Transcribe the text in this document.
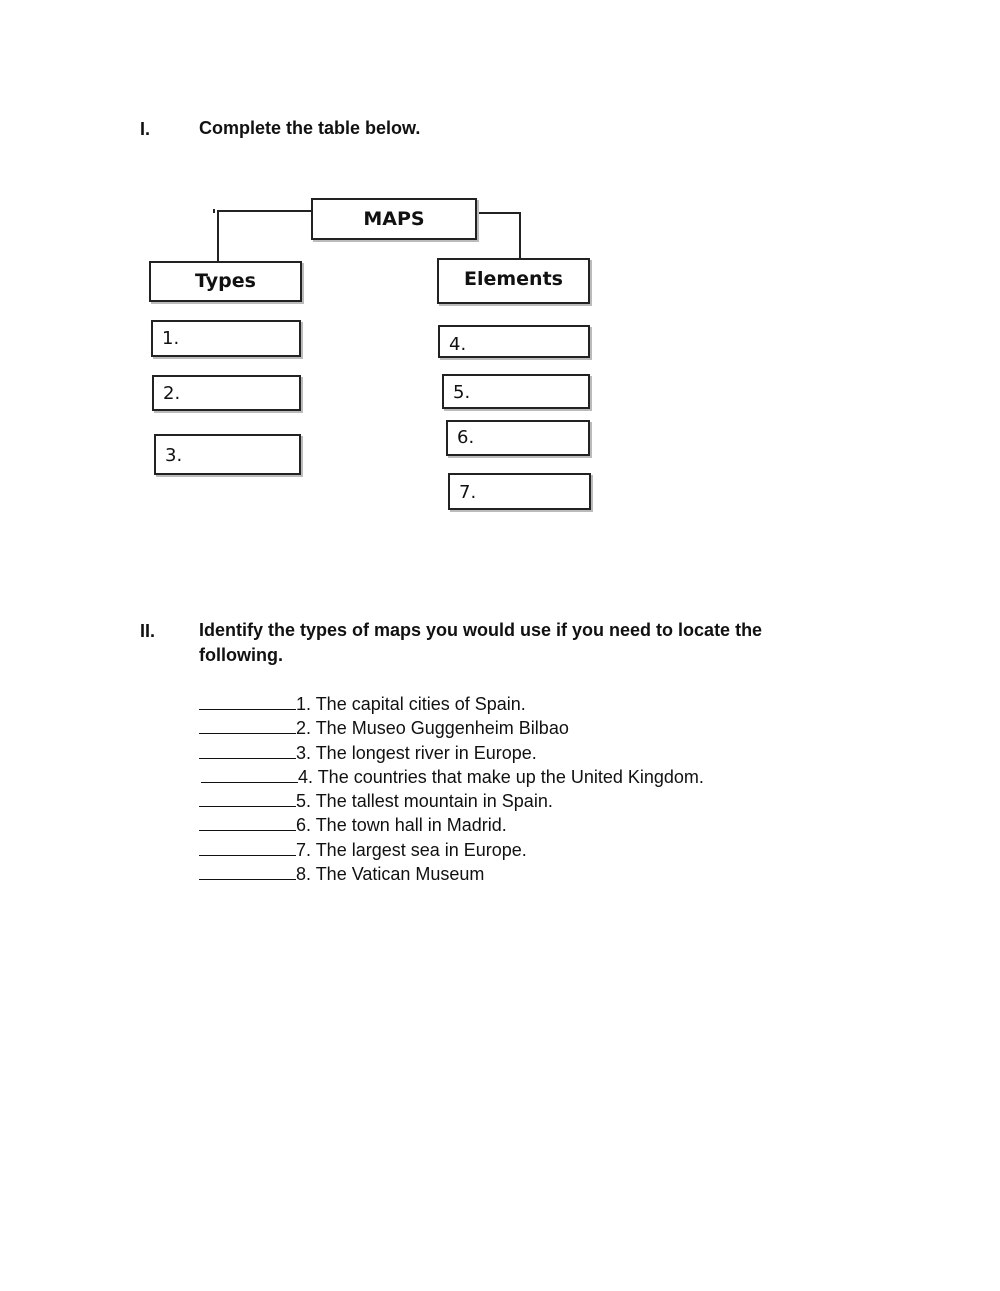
I.	Complete the table below.
MAPS
Types	Elements
1.
2.
3.
4.
5.
6.
7.
II. Identify the types of maps you would use if you need to locate the
following.
1. The capital cities of Spain.
2. The Museo Guggenheim Bilbao
3. The longest river in Europe.
4. The countries that make up the United Kingdom.
5. The tallest mountain in Spain.
6. The town hall in Madrid.
7. The largest sea in Europe.
8. The Vatican Museum
